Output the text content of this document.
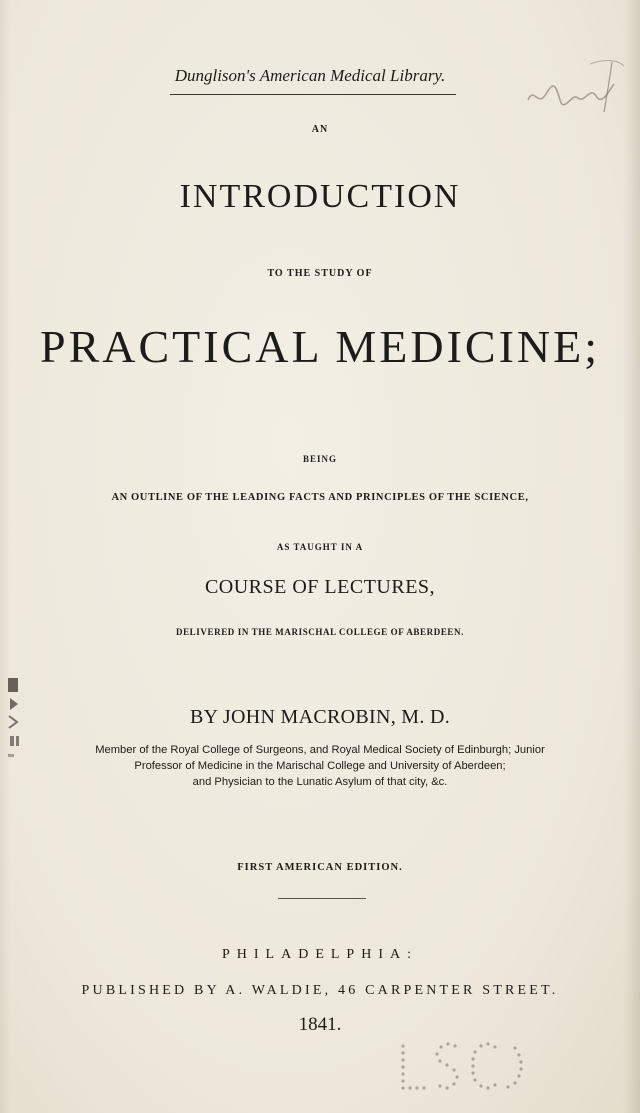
Dunglison's American Medical Library.
AN
INTRODUCTION
TO THE STUDY OF
PRACTICAL MEDICINE;
BEING
AN OUTLINE OF THE LEADING FACTS AND PRINCIPLES OF THE SCIENCE,
AS TAUGHT IN A
COURSE OF LECTURES,
DELIVERED IN THE MARISCHAL COLLEGE OF ABERDEEN.
BY JOHN MACROBIN, M. D.
Member of the Royal College of Surgeons, and Royal Medical Society of Edinburgh; Junior
Professor of Medicine in the Marischal College and University of Aberdeen;
and Physician to the Lunatic Asylum of that city, &c.
FIRST AMERICAN EDITION.
PHILADELPHIA:
PUBLISHED BY A. WALDIE, 46 CARPENTER STREET.
1841.
